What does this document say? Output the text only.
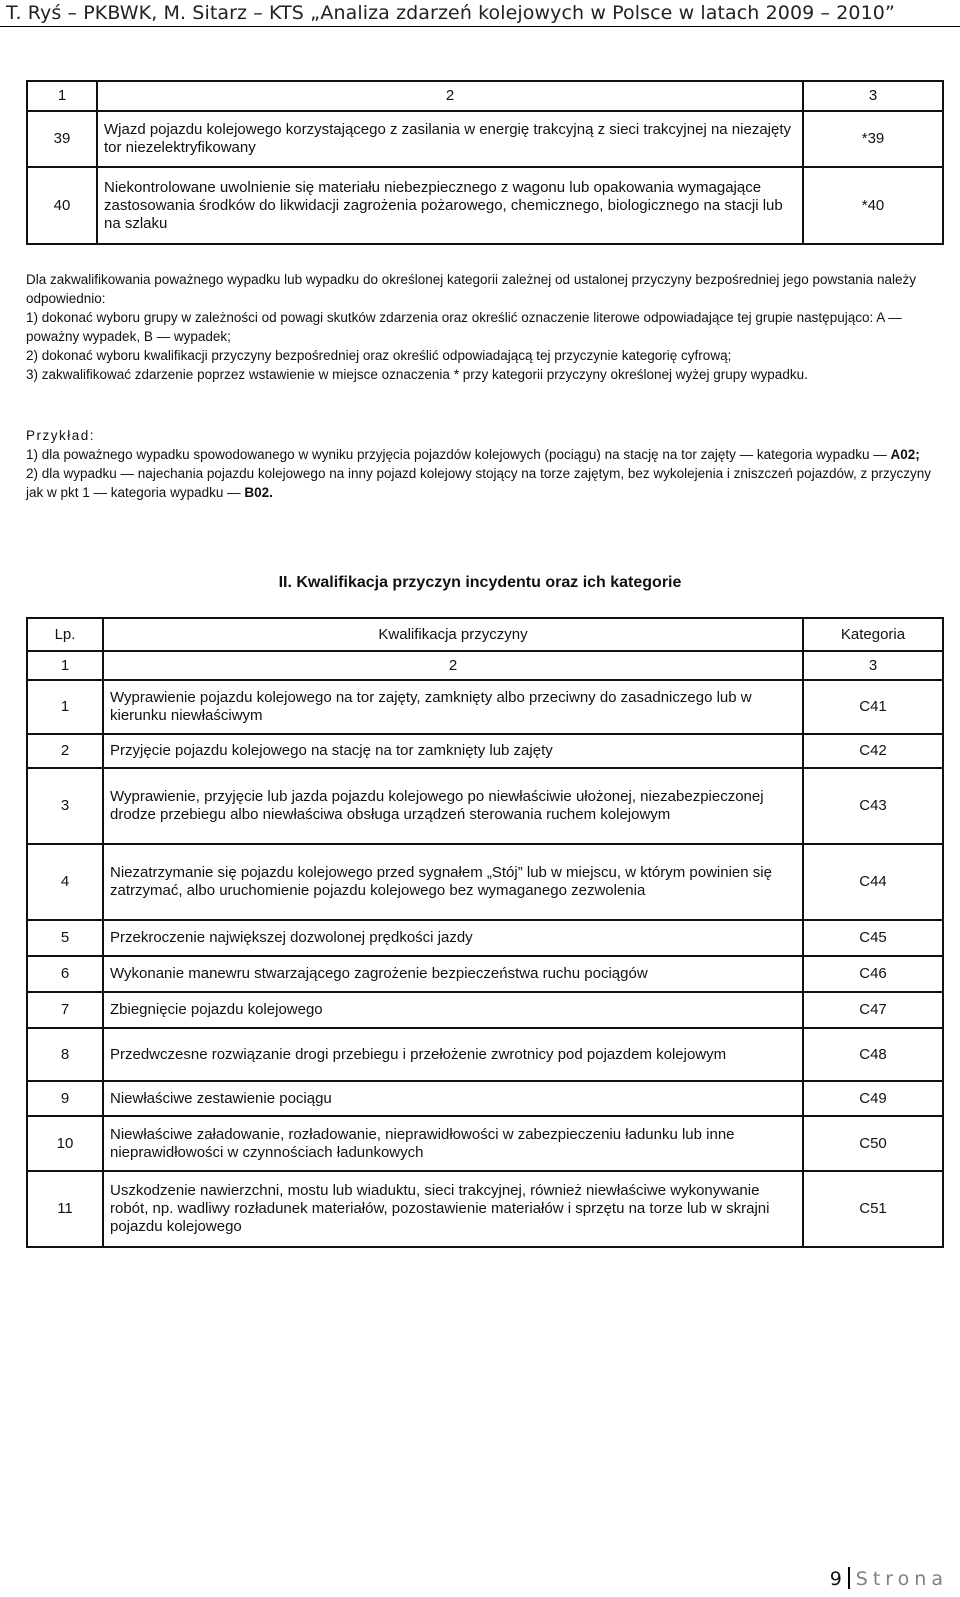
T. Ryś – PKBWK, M. Sitarz – KTS „Analiza zdarzeń kolejowych w Polsce w latach 2009 – 2010”
1	2	3
39	Wjazd pojazdu kolejowego korzystającego z zasilania w energię trakcyjną z sieci trakcyjnej na niezajęty tor niezelektryfikowany	*39
40	Niekontrolowane uwolnienie się materiału niebezpiecznego z wagonu lub opakowania wymagające zastosowania środków do likwidacji zagrożenia pożarowego, chemicznego, biologicznego na stacji lub na szlaku	*40

Dla zakwalifikowania poważnego wypadku lub wypadku do określonej kategorii zależnej od ustalonej przyczyny bezpośredniej jego powstania należy odpowiednio:

1) dokonać wyboru grupy w zależności od powagi skutków zdarzenia oraz określić oznaczenie literowe odpowiadające tej grupie następująco: A — poważny wypadek, B — wypadek;

2) dokonać wyboru kwalifikacji przyczyny bezpośredniej oraz określić odpowiadającą tej przyczynie kategorię cyfrową;

3) zakwalifikować zdarzenie poprzez wstawienie w miejsce oznaczenia * przy kategorii przyczyny określonej wyżej grupy wypadku.

Przykład:

1) dla poważnego wypadku spowodowanego w wyniku przyjęcia pojazdów kolejowych (pociągu) na stację na tor zajęty — kategoria wypadku — A02;

2) dla wypadku — najechania pojazdu kolejowego na inny pojazd kolejowy stojący na torze zajętym, bez wykolejenia i zniszczeń pojazdów, z przyczyny jak w pkt 1 — kategoria wypadku — B02.

II. Kwalifikacja przyczyn incydentu oraz ich kategorie
Lp.	Kwalifikacja przyczyny	Kategoria
1	2	3
1	Wyprawienie pojazdu kolejowego na tor zajęty, zamknięty albo przeciwny do zasadniczego lub w kierunku niewłaściwym	C41
2	Przyjęcie pojazdu kolejowego na stację na tor zamknięty lub zajęty	C42
3	Wyprawienie, przyjęcie lub jazda pojazdu kolejowego po niewłaściwie ułożonej, niezabezpieczonej drodze przebiegu albo niewłaściwa obsługa urządzeń sterowania ruchem kolejowym	C43
4	Niezatrzymanie się pojazdu kolejowego przed sygnałem „Stój” lub w miejscu, w którym powinien się zatrzymać, albo uruchomienie pojazdu kolejowego bez wymaganego zezwolenia	C44
5	Przekroczenie największej dozwolonej prędkości jazdy	C45
6	Wykonanie manewru stwarzającego zagrożenie bezpieczeństwa ruchu pociągów	C46
7	Zbiegnięcie pojazdu kolejowego	C47
8	Przedwczesne rozwiązanie drogi przebiegu i przełożenie zwrotnicy pod pojazdem kolejowym	C48
9	Niewłaściwe zestawienie pociągu	C49
10	Niewłaściwe załadowanie, rozładowanie, nieprawidłowości w zabezpieczeniu ładunku lub inne nieprawidłowości w czynnościach ładunkowych	C50
11	Uszkodzenie nawierzchni, mostu lub wiaduktu, sieci trakcyjnej, również niewłaściwe wykonywanie robót, np. wadliwy rozładunek materiałów, pozostawienie materiałów i sprzętu na torze lub w skrajni pojazdu kolejowego	C51
9 Strona
